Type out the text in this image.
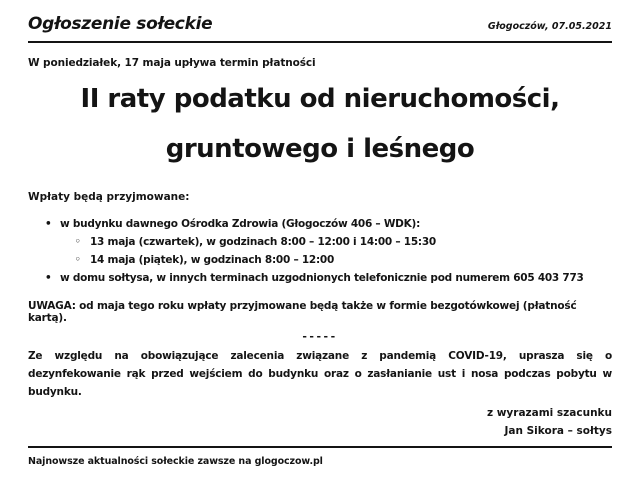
Ogłoszenie sołeckie	Głogoczów, 07.05.2021
W poniedziałek, 17 maja upływa termin płatności
II raty podatku od nieruchomości,
gruntowego i leśnego
Wpłaty będą przyjmowane:
• w budynku dawnego Ośrodka Zdrowia (Głogoczów 406 – WDK):
◦ 13 maja (czwartek), w godzinach 8:00 – 12:00 i 14:00 – 15:30
◦ 14 maja (piątek), w godzinach 8:00 – 12:00
• w domu sołtysa, w innych terminach uzgodnionych telefonicznie pod numerem 605 403 773
UWAGA: od maja tego roku wpłaty przyjmowane będą także w formie bezgotówkowej (płatność kartą).
-----
Ze względu na obowiązujące zalecenia związane z pandemią COVID-19, uprasza się o dezynfekowanie rąk przed wejściem do budynku oraz o zasłanianie ust i nosa podczas pobytu w budynku.
z wyrazami szacunku
Jan Sikora – sołtys
Najnowsze aktualności sołeckie zawsze na glogoczow.pl
